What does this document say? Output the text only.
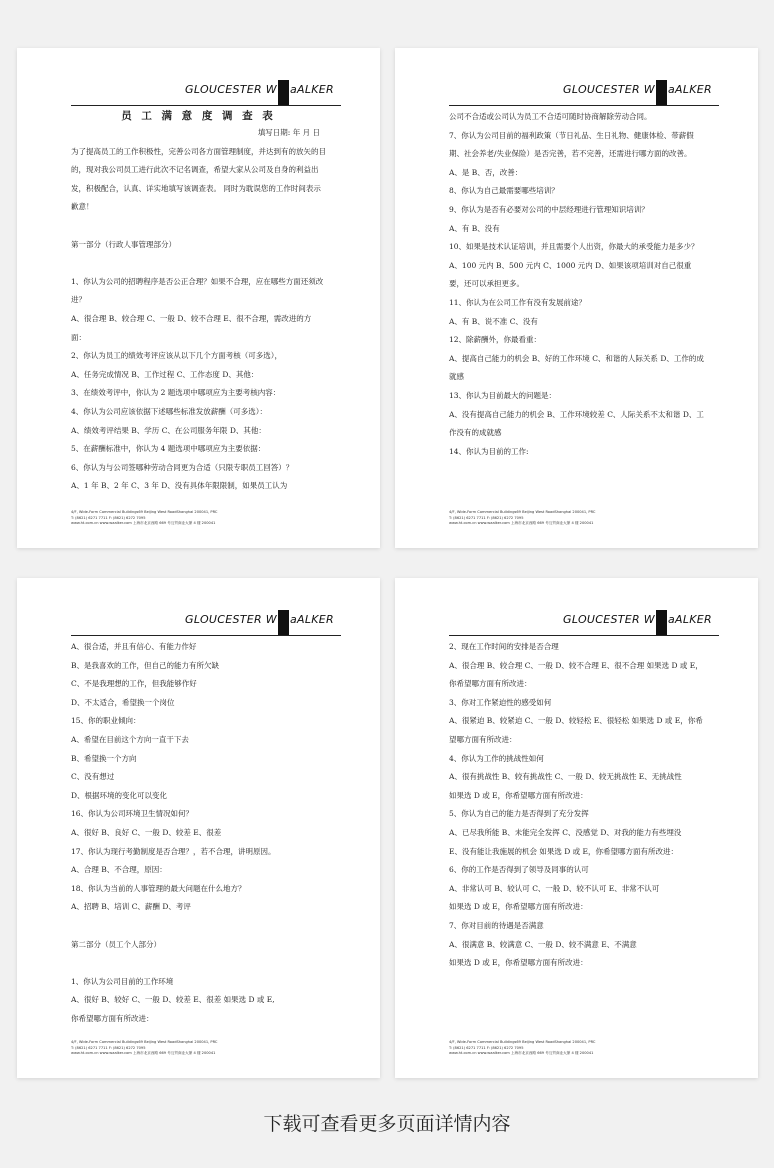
GLOUCESTER W a ALKER

员 工 满 意 度 调 查 表

填写日期: 年 月 日

为了提高员工的工作积极性，完善公司各方面管理制度，并达到有的放矢的目的，现对我公司员工进行此次不记名调查，希望大家从公司及自身的利益出发，积极配合，认真、详实地填写该调查表。 同时为耽误您的工作时间表示歉意！

第一部分（行政人事管理部分）

1、你认为公司的招聘程序是否公正合理？如果不合理，应在哪些方面还须改进？

A、很合理 B、较合理 C、一般 D、较不合理 E、很不合理，需改进的方面：

2、你认为员工的绩效考评应该从以下几个方面考核（可多选），

A、任务完成情况 B、工作过程 C、工作态度 D、其他：

3、在绩效考评中，你认为 2 题选项中哪项应为主要考核内容：

4、你认为公司应该依据下述哪些标准发放薪酬（可多选）：

A、绩效考评结果 B、学历 C、在公司服务年限 D、其他：

5、在薪酬标准中，你认为 4 题选项中哪项应为主要依据：

6、你认为与公司签哪种劳动合同更为合适（只限专职员工回答）？

A、1 年 B、2 年 C、3 年 D、没有具体年限限制，如果员工认为

4/F, Wide-Form Commercial Buildings69 Beijing West RoadShanghai 200041, PRC
T: (8621) 6271 7711 F: (8621) 6272 7095
www.ht.com.cn www.waalker.com 上海市北京西路 669 号互贸商业大厦 4 楼 200041
GLOUCESTER W a ALKER

公司不合适或公司认为员工不合适可随时协商解除劳动合同。

7、你认为公司目前的福利政策（节日礼品、生日礼物、健康体检、带薪假期、社会养老/失业保险）是否完善，若不完善，还需进行哪方面的改善。

A、是 B、否，改善：

8、你认为自己最需要哪些培训？

9、你认为是否有必要对公司的中层经理进行管理知识培训？

A、有 B、没有

10、如果是技术认证培训，并且需要个人出资，你最大的承受能力是多少？

A、100 元内 B、500 元内 C、1000 元内 D、如果该项培训对自己很重要，还可以承担更多。

11、你认为在公司工作有没有发展前途？

A、有 B、说不准 C、没有

12、除薪酬外，你最看重：

A、提高自己能力的机会 B、好的工作环境 C、和谐的人际关系 D、工作的成就感

13、你认为目前最大的问题是：

A、没有提高自己能力的机会 B、工作环境较差 C、人际关系不太和谐 D、工作没有的成就感

14、你认为目前的工作:

4/F, Wide-Form Commercial Buildings69 Beijing West RoadShanghai 200041, PRC
T: (8621) 6271 7711 F: (8621) 6272 7095
www.ht.com.cn www.waalker.com 上海市北京西路 669 号互贸商业大厦 4 楼 200041
GLOUCESTER W a ALKER

A、很合适，并且有信心、有能力作好

B、是我喜欢的工作，但自己的能力有所欠缺

C、不是我理想的工作，但我能够作好

D、不太适合，希望换一个岗位

15、你的职业倾向：

A、希望在目前这个方向一直干下去

B、希望换一个方向

C、没有想过

D、根据环境的变化可以变化

16、你认为公司环境卫生情况如何？

A、很好 B、良好 C、一般 D、较差 E、很差

17、你认为现行考勤制度是否合理？，若不合理，讲明原因。

A、合理 B、不合理，原因：

18、你认为当前的人事管理的最大问题在什么地方？

A、招聘 B、培训 C、薪酬 D、考评

第二部分（员工个人部分）

1、你认为公司目前的工作环境

A、很好 B、较好 C、一般 D、较差 E、很差 如果选 D 或 E,

你希望哪方面有所改进：

4/F, Wide-Form Commercial Buildings69 Beijing West RoadShanghai 200041, PRC
T: (8621) 6271 7711 F: (8621) 6272 7095
www.ht.com.cn www.waalker.com 上海市北京西路 669 号互贸商业大厦 4 楼 200041
GLOUCESTER W a ALKER

2、现在工作时间的安排是否合理

A、很合理 B、较合理 C、一般 D、较不合理 E、很不合理 如果选 D 或 E，你希望哪方面有所改进：

3、你对工作紧迫性的感受如何

A、很紧迫 B、较紧迫 C、一般 D、较轻松 E、很轻松 如果选 D 或 E，你希望哪方面有所改进：

4、你认为工作的挑战性如何

A、很有挑战性 B、较有挑战性 C、一般 D、较无挑战性 E、无挑战性

如果选 D 或 E，你希望哪方面有所改进：

5、你认为自己的能力是否得到了充分发挥

A、已尽我所能 B、未能完全发挥 C、没感觉 D、对我的能力有些埋没

E、没有能让我施展的机会 如果选 D 或 E，你希望哪方面有所改进：

6、你的工作是否得到了领导及同事的认可

A、非常认可 B、较认可 C、一般 D、较不认可 E、非常不认可

如果选 D 或 E，你希望哪方面有所改进：

7、你对目前的待遇是否满意

A、很满意 B、较满意 C、一般 D、较不满意 E、不满意

如果选 D 或 E，你希望哪方面有所改进：

4/F, Wide-Form Commercial Buildings69 Beijing West RoadShanghai 200041, PRC
T: (8621) 6271 7711 F: (8621) 6272 7095
www.ht.com.cn www.waalker.com 上海市北京西路 669 号互贸商业大厦 4 楼 200041
下载可查看更多页面详情内容
